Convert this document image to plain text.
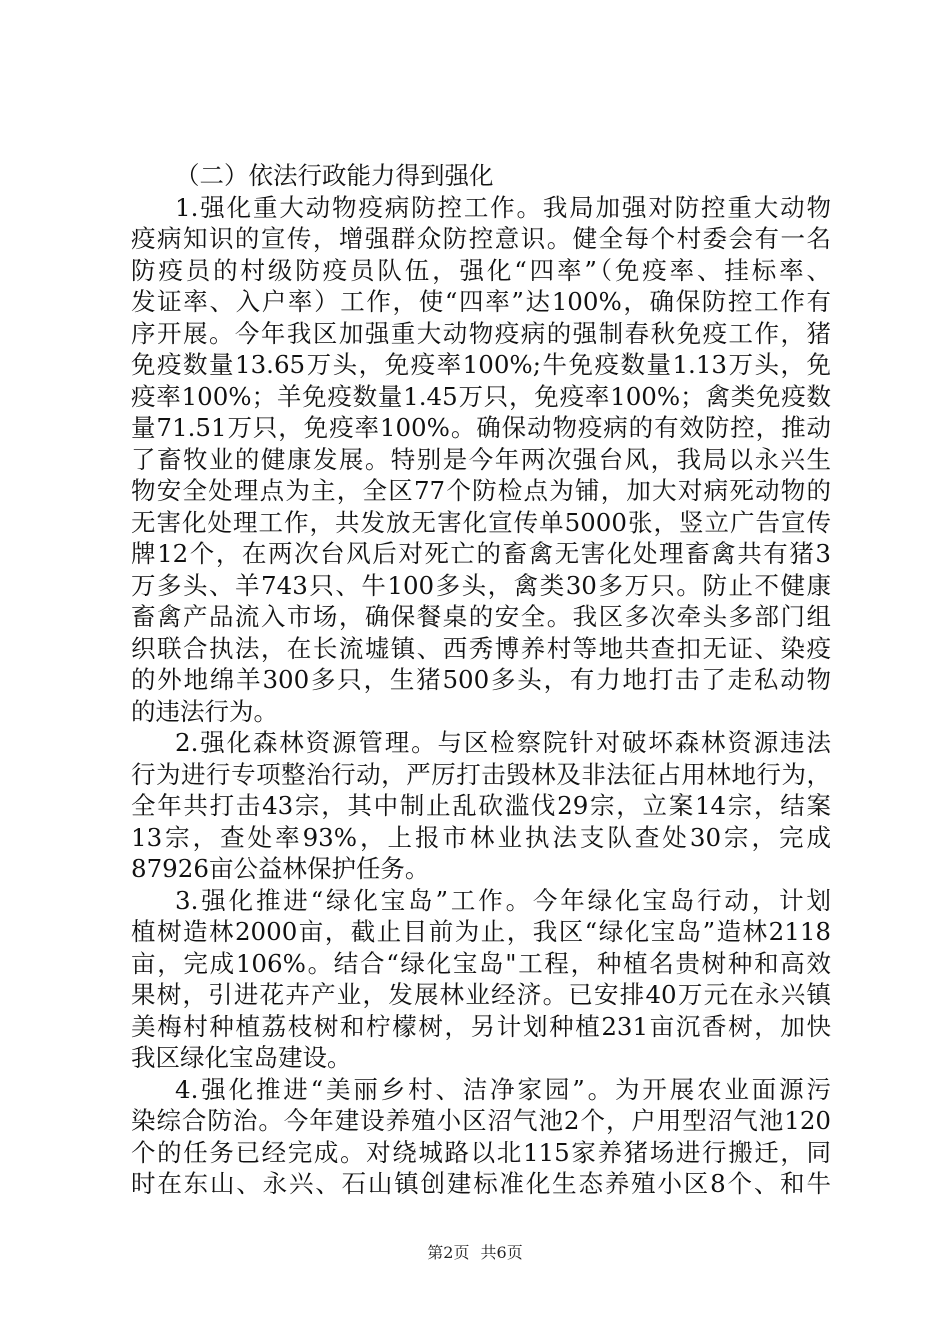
（二）依法行政能力得到强化
1.强化重大动物疫病防控工作。我局加强对防控重大动物
疫病知识的宣传，增强群众防控意识。健全每个村委会有一名
防疫员的村级防疫员队伍，强化“四率”（免疫率、挂标率、
发证率、入户率）工作，使“四率”达100%，确保防控工作有
序开展。今年我区加强重大动物疫病的强制春秋免疫工作，猪
免疫数量13.65万头，免疫率100%;牛免疫数量1.13万头，免
疫率100%；羊免疫数量1.45万只，免疫率100%；禽类免疫数
量71.51万只，免疫率100%。确保动物疫病的有效防控，推动
了畜牧业的健康发展。特别是今年两次强台风，我局以永兴生
物安全处理点为主，全区77个防检点为铺，加大对病死动物的
无害化处理工作，共发放无害化宣传单5000张，竖立广告宣传
牌12个，在两次台风后对死亡的畜禽无害化处理畜禽共有猪3
万多头、羊743只、牛100多头，禽类30多万只。防止不健康
畜禽产品流入市场，确保餐桌的安全。我区多次牵头多部门组
织联合执法，在长流墟镇、西秀博养村等地共查扣无证、染疫
的外地绵羊300多只，生猪500多头，有力地打击了走私动物
的违法行为。
2.强化森林资源管理。与区检察院针对破坏森林资源违法
行为进行专项整治行动，严厉打击毁林及非法征占用林地行为，
全年共打击43宗，其中制止乱砍滥伐29宗，立案14宗，结案
13宗，查处率93%，上报市林业执法支队查处30宗，完成
87926亩公益林保护任务。
3.强化推进“绿化宝岛”工作。今年绿化宝岛行动，计划
植树造林2000亩，截止目前为止，我区“绿化宝岛”造林2118
亩，完成106%。结合“绿化宝岛"工程，种植名贵树种和高效
果树，引进花卉产业，发展林业经济。已安排40万元在永兴镇
美梅村种植荔枝树和柠檬树，另计划种植231亩沉香树，加快
我区绿化宝岛建设。
4.强化推进“美丽乡村、洁净家园”。为开展农业面源污
染综合防治。今年建设养殖小区沼气池2个，户用型沼气池120
个的任务已经完成。对绕城路以北115家养猪场进行搬迁，同
时在东山、永兴、石山镇创建标准化生态养殖小区8个、和牛
第2页 共6页
